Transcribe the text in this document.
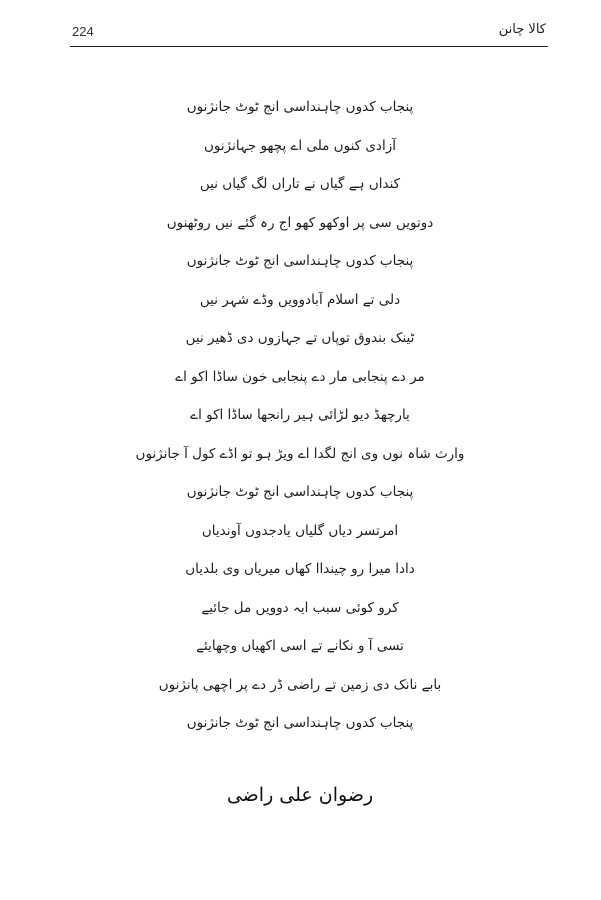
224	کالا چانن
پنجاب کدوں چاہنداسی انج ٹوٹ جانژنوں
آزادی کنوں ملی اے پچھو جہانژنوں
کنداں ہے گیاں نے تاراں لگ گیاں نیں
دوتویں سی پر اوکھو کھو اج رہ گئے نیں روٹھنوں
پنجاب کدوں چاہنداسی انج ٹوٹ جانژنوں
دلی تے اسلام آبادوویں وڈے شہر نیں
ٹینک بندوق توپاں تے جہازوں دی ڈھیر نیں
مر دے پنجابی مار دے پنجابی خون ساڈا اکو اے
یارچھڈ دیو لڑائی ہیر رانجھا ساڈا اکو اے
وارث شاہ نوں وی انج لگدا اے ویڑ ہو تو اڈے کول آ جانژنوں
پنجاب کدوں چاہنداسی انج ٹوٹ جانژنوں
امرتسر دیاں گلیاں یادجدوں آوندیاں
دادا میرا رو چینداا کھاں میریاں وی بلدیاں
کرو کوئی سبب ایہ دوویں مل جائیے
تسی آ و نکانے تے اسی اکھیاں وچھایئے
بابے نانک دی زمین تے راضی ڈر دے پر اچھی پانژنوں
پنجاب کدوں چاہنداسی انج ٹوٹ جانژنوں
رضوان علی راضی
